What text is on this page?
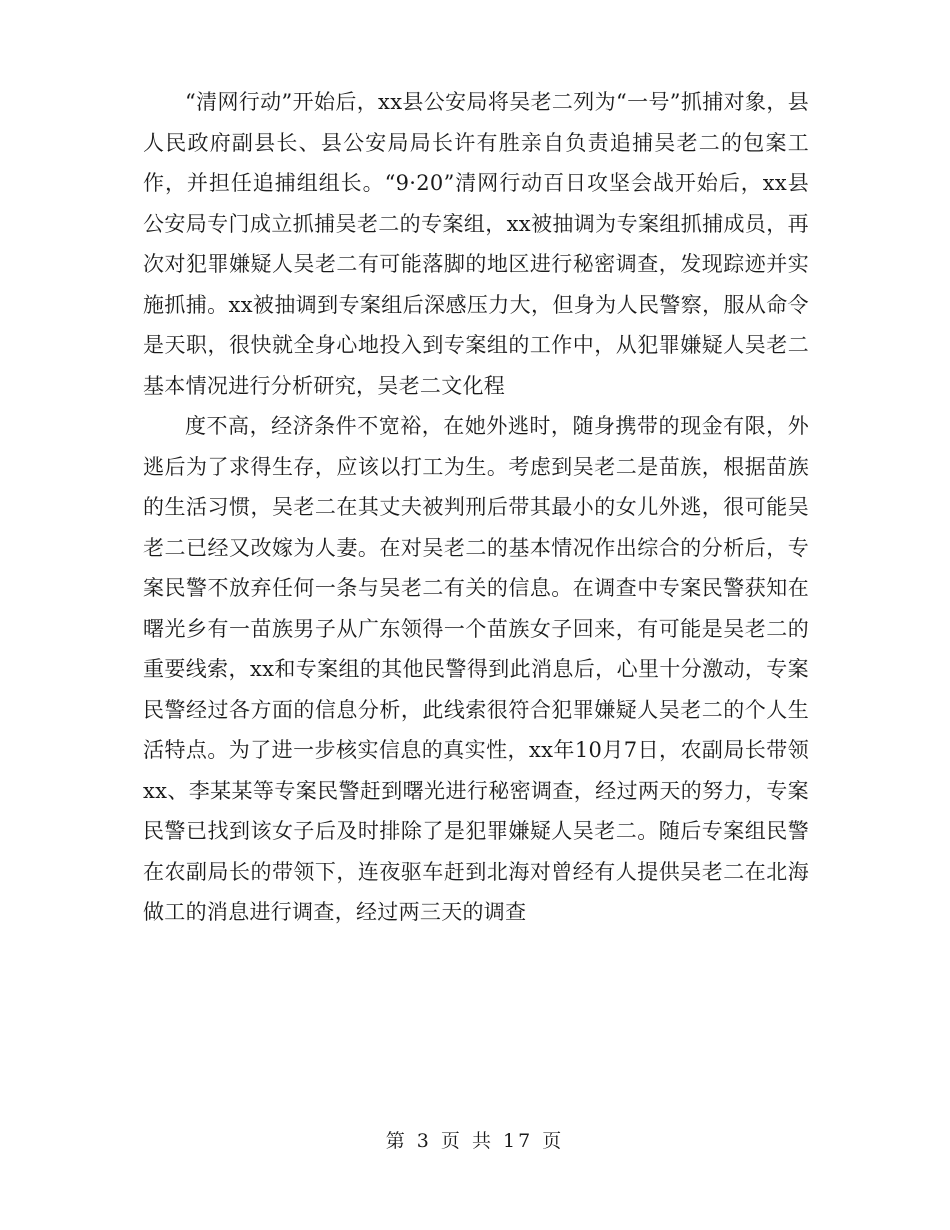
“清网行动”开始后，xx县公安局将吴老二列为“一号”抓捕对象，县人民政府副县长、县公安局局长许有胜亲自负责追捕吴老二的包案工作，并担任追捕组组长。“9·20”清网行动百日攻坚会战开始后，xx县公安局专门成立抓捕吴老二的专案组，xx被抽调为专案组抓捕成员，再次对犯罪嫌疑人吴老二有可能落脚的地区进行秘密调查，发现踪迹并实施抓捕。xx被抽调到专案组后深感压力大，但身为人民警察，服从命令是天职，很快就全身心地投入到专案组的工作中，从犯罪嫌疑人吴老二基本情况进行分析研究，吴老二文化程

度不高，经济条件不宽裕，在她外逃时，随身携带的现金有限，外逃后为了求得生存，应该以打工为生。考虑到吴老二是苗族，根据苗族的生活习惯，吴老二在其丈夫被判刑后带其最小的女儿外逃，很可能吴老二已经又改嫁为人妻。在对吴老二的基本情况作出综合的分析后，专案民警不放弃任何一条与吴老二有关的信息。在调查中专案民警获知在曙光乡有一苗族男子从广东领得一个苗族女子回来，有可能是吴老二的重要线索，xx和专案组的其他民警得到此消息后，心里十分激动，专案民警经过各方面的信息分析，此线索很符合犯罪嫌疑人吴老二的个人生活特点。为了进一步核实信息的真实性，xx年10月7日，农副局长带领xx、李某某等专案民警赶到曙光进行秘密调查，经过两天的努力，专案民警已找到该女子后及时排除了是犯罪嫌疑人吴老二。随后专案组民警在农副局长的带领下，连夜驱车赶到北海对曾经有人提供吴老二在北海做工的消息进行调查，经过两三天的调查

第 3 页 共 17 页
